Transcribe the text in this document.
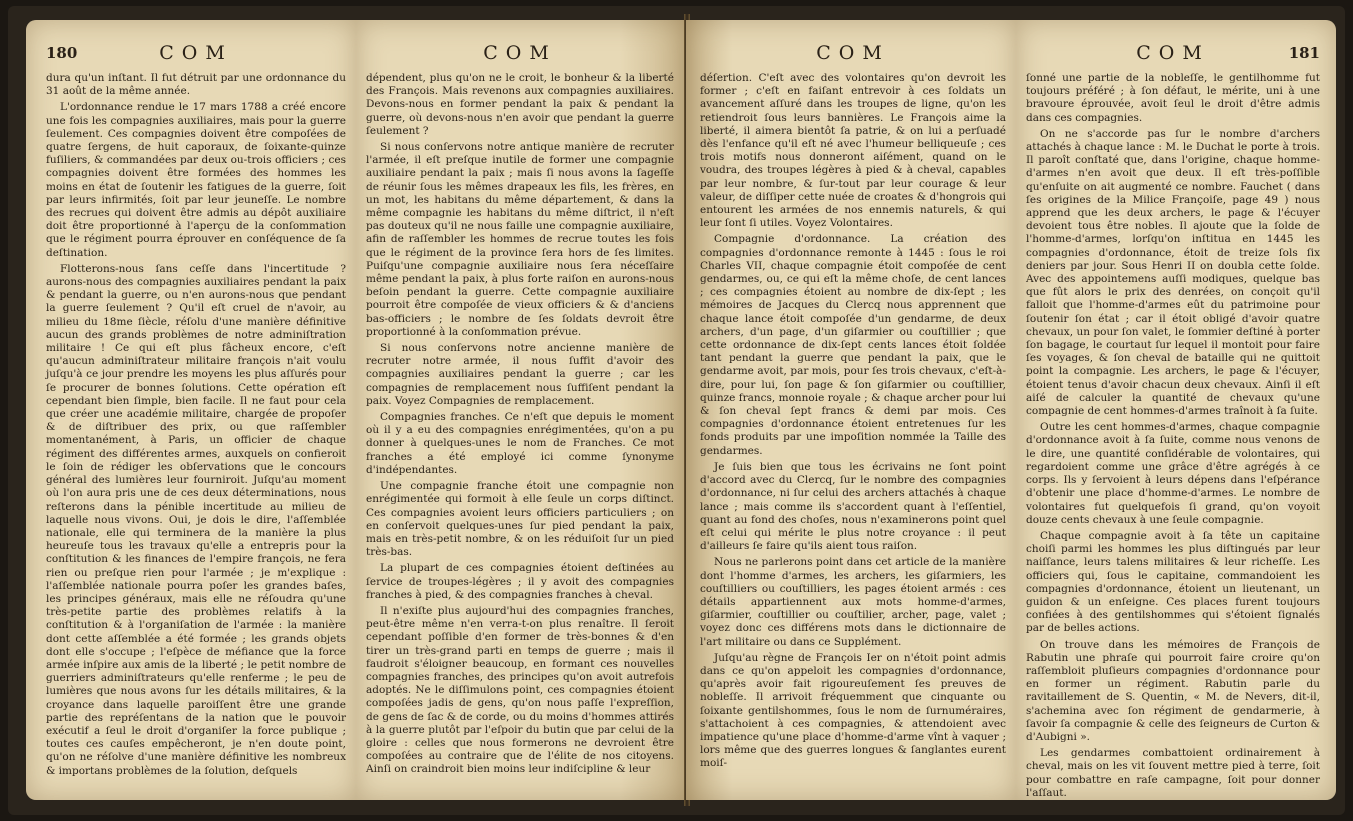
180	COM

dura qu'un inſtant. Il fut détruit par une ordonnance du 31 août de la même année.

L'ordonnance rendue le 17 mars 1788 a créé encore une fois les compagnies auxiliaires, mais pour la guerre ſeulement. Ces compagnies doivent être compoſées de quatre ſergens, de huit caporaux, de ſoixante-quinze fuſiliers, & commandées par deux ou-trois officiers ; ces compagnies doivent être formées des hommes les moins en état de ſoutenir les fatigues de la guerre, ſoit par leurs infirmités, ſoit par leur jeuneſſe. Le nombre des recrues qui doivent être admis au dépôt auxiliaire doit être proportionné à l'aperçu de la conſommation que le régiment pourra éprouver en conſéquence de ſa deſtination.

Flotterons-nous ſans ceſſe dans l'incertitude ? aurons-nous des compagnies auxiliaires pendant la paix & pendant la guerre, ou n'en aurons-nous que pendant la guerre ſeulement ? Qu'il eſt cruel de n'avoir, au milieu du 18me ſiècle, réſolu d'une manière définitive aucun des grands problèmes de notre adminiſtration militaire ! Ce qui eſt plus fâcheux encore, c'eſt qu'aucun adminiſtrateur militaire françois n'ait voulu juſqu'à ce jour prendre les moyens les plus aſſurés pour ſe procurer de bonnes ſolutions. Cette opération eſt cependant bien ſimple, bien facile. Il ne faut pour cela que créer une académie militaire, chargée de propoſer & de diſtribuer des prix, ou que raſſembler momentanément, à Paris, un officier de chaque régiment des différentes armes, auxquels on confieroit le ſoin de rédiger les obſervations que le concours général des lumières leur fourniroit. Juſqu'au moment où l'on aura pris une de ces deux déterminations, nous reſterons dans la pénible incertitude au milieu de laquelle nous vivons. Oui, je dois le dire, l'aſſemblée nationale, elle qui terminera de la manière la plus heureuſe tous les travaux qu'elle a entrepris pour la conſtitution & les finances de l'empire françois, ne fera rien ou preſque rien pour l'armée ; je m'explique : l'aſſemblée nationale pourra poſer les grandes baſes, les principes généraux, mais elle ne réſoudra qu'une très-petite partie des problèmes relatifs à la conſtitution & à l'organiſation de l'armée : la manière dont cette aſſemblée a été formée ; les grands objets dont elle s'occupe ; l'eſpèce de méfiance que la force armée inſpire aux amis de la liberté ; le petit nombre de guerriers adminiſtrateurs qu'elle renferme ; le peu de lumières que nous avons ſur les détails militaires, & la croyance dans laquelle paroiſſent être une grande partie des repréſentans de la nation que le pouvoir exécutif a ſeul le droit d'organiſer la force publique ; toutes ces cauſes empêcheront, je n'en doute point, qu'on ne réſolve d'une manière définitive les nombreux & importans problèmes de la ſolution, deſquels

COM

dépendent, plus qu'on ne le croit, le bonheur & la liberté des François. Mais revenons aux compagnies auxiliaires. Devons-nous en former pendant la paix & pendant la guerre, où devons-nous n'en avoir que pendant la guerre ſeulement ?

Si nous conſervons notre antique manière de recruter l'armée, il eſt preſque inutile de former une compagnie auxiliaire pendant la paix ; mais ſi nous avons la ſageſſe de réunir ſous les mêmes drapeaux les fils, les frères, en un mot, les habitans du même département, & dans la même compagnie les habitans du même diſtrict, il n'eſt pas douteux qu'il ne nous faille une compagnie auxiliaire, afin de raſſembler les hommes de recrue toutes les fois que le régiment de la province ſera hors de ſes limites. Puiſqu'une compagnie auxiliaire nous ſera néceſſaire même pendant la paix, à plus forte raiſon en aurons-nous beſoin pendant la guerre. Cette compagnie auxiliaire pourroit être compoſée de vieux officiers & & d'anciens bas-officiers ; le nombre de ſes ſoldats devroit être proportionné à la conſommation prévue.

Si nous conſervons notre ancienne manière de recruter notre armée, il nous ſuffit d'avoir des compagnies auxiliaires pendant la guerre ; car les compagnies de remplacement nous ſuffiſent pendant la paix. Voyez Compagnies de remplacement.

Compagnies franches. Ce n'eſt que depuis le moment où il y a eu des compagnies enrégimentées, qu'on a pu donner à quelques-unes le nom de Franches. Ce mot franches a été employé ici comme ſynonyme d'indépendantes.

Une compagnie franche étoit une compagnie non enrégimentée qui formoit à elle ſeule un corps diſtinct. Ces compagnies avoient leurs officiers particuliers ; on en conſervoit quelques-unes ſur pied pendant la paix, mais en très-petit nombre, & on les réduiſoit ſur un pied très-bas.

La plupart de ces compagnies étoient deſtinées au ſervice de troupes-légères ; il y avoit des compagnies franches à pied, & des compagnies franches à cheval.

Il n'exiſte plus aujourd'hui des compagnies franches, peut-être même n'en verra-t-on plus renaître. Il ſeroit cependant poſſible d'en former de très-bonnes & d'en tirer un très-grand parti en temps de guerre ; mais il faudroit s'éloigner beaucoup, en formant ces nouvelles compagnies franches, des principes qu'on avoit autrefois adoptés. Ne le diſſimulons point, ces compagnies étoient compoſées jadis de gens, qu'on nous paſſe l'expreſſion, de gens de ſac & de corde, ou du moins d'hommes attirés à la guerre plutôt par l'eſpoir du butin que par celui de la gloire : celles que nous formerons ne devroient être compoſées au contraire que de l'élite de nos citoyens. Ainſi on craindroit bien moins leur indiſcipline & leur

COM

déſertion. C'eſt avec des volontaires qu'on devroit les former ; c'eſt en faiſant entrevoir à ces ſoldats un avancement aſſuré dans les troupes de ligne, qu'on les retiendroit ſous leurs bannières. Le François aime la liberté, il aimera bientôt ſa patrie, & on lui a perſuadé dès l'enfance qu'il eſt né avec l'humeur belliqueuſe ; ces trois motifs nous donneront aiſément, quand on le voudra, des troupes légères à pied & à cheval, capables par leur nombre, & ſur-tout par leur courage & leur valeur, de diſſiper cette nuée de croates & d'hongrois qui entourent les armées de nos ennemis naturels, & qui leur ſont ſi utiles. Voyez Volontaires.

Compagnie d'ordonnance. La création des compagnies d'ordonnance remonte à 1445 : ſous le roi Charles VII, chaque compagnie étoit compoſée de cent gendarmes, ou, ce qui eſt la même choſe, de cent lances ; ces compagnies étoient au nombre de dix-ſept ; les mémoires de Jacques du Clercq nous apprennent que chaque lance étoit compoſée d'un gendarme, de deux archers, d'un page, d'un giſarmier ou couſtillier ; que cette ordonnance de dix-ſept cents lances étoit ſoldée tant pendant la guerre que pendant la paix, que le gendarme avoit, par mois, pour ſes trois chevaux, c'eſt-à-dire, pour lui, ſon page & ſon giſarmier ou couſtillier, quinze francs, monnoie royale ; & chaque archer pour lui & ſon cheval ſept francs & demi par mois. Ces compagnies d'ordonnance étoient entretenues ſur les fonds produits par une impoſition nommée la Taille des gendarmes.

Je ſuis bien que tous les écrivains ne ſont point d'accord avec du Clercq, ſur le nombre des compagnies d'ordonnance, ni ſur celui des archers attachés à chaque lance ; mais comme ils s'accordent quant à l'eſſentiel, quant au fond des choſes, nous n'examinerons point quel eſt celui qui mérite le plus notre croyance : il peut d'ailleurs ſe faire qu'ils aient tous raiſon.

Nous ne parlerons point dans cet article de la manière dont l'homme d'armes, les archers, les giſarmiers, les couſtilliers ou couſtilliers, les pages étoient armés : ces détails appartiennent aux mots homme-d'armes, giſarmier, couſtillier ou couſtilier, archer, page, valet ; voyez donc ces différens mots dans le dictionnaire de l'art militaire ou dans ce Supplément.

Juſqu'au règne de François Ier on n'étoit point admis dans ce qu'on appeloit les compagnies d'ordonnance, qu'après avoir fait rigoureuſement ſes preuves de nobleſſe. Il arrivoit fréquemment que cinquante ou ſoixante gentilshommes, ſous le nom de ſurnuméraires, s'attachoient à ces compagnies, & attendoient avec impatience qu'une place d'homme-d'arme vînt à vaquer ; lors même que des guerres longues & ſanglantes eurent moiſ-

COM	181

ſonné une partie de la nobleſſe, le gentilhomme fut toujours préféré ; à ſon défaut, le mérite, uni à une bravoure éprouvée, avoit ſeul le droit d'être admis dans ces compagnies.

On ne s'accorde pas ſur le nombre d'archers attachés à chaque lance : M. le Duchat le porte à trois. Il paroît conſtaté que, dans l'origine, chaque homme-d'armes n'en avoit que deux. Il eſt très-poſſible qu'enſuite on ait augmenté ce nombre. Fauchet ( dans ſes origines de la Milice Françoiſe, page 49 ) nous apprend que les deux archers, le page & l'écuyer devoient tous être nobles. Il ajoute que la ſolde de l'homme-d'armes, lorſqu'on inſtitua en 1445 les compagnies d'ordonnance, étoit de treize ſols ſix deniers par jour. Sous Henri II on doubla cette ſolde. Avec des appointemens auſſi modiques, quelque bas que fût alors le prix des denrées, on conçoit qu'il falloit que l'homme-d'armes eût du patrimoine pour ſoutenir ſon état ; car il étoit obligé d'avoir quatre chevaux, un pour ſon valet, le ſommier deſtiné à porter ſon bagage, le courtaut ſur lequel il montoit pour faire ſes voyages, & ſon cheval de bataille qui ne quittoit point la compagnie. Les archers, le page & l'écuyer, étoient tenus d'avoir chacun deux chevaux. Ainſi il eſt aiſé de calculer la quantité de chevaux qu'une compagnie de cent hommes-d'armes traînoit à ſa ſuite.

Outre les cent hommes-d'armes, chaque compagnie d'ordonnance avoit à ſa ſuite, comme nous venons de le dire, une quantité conſidérable de volontaires, qui regardoient comme une grâce d'être agrégés à ce corps. Ils y ſervoient à leurs dépens dans l'eſpérance d'obtenir une place d'homme-d'armes. Le nombre de volontaires fut quelquefois ſi grand, qu'on voyoit douze cents chevaux à une ſeule compagnie.

Chaque compagnie avoit à ſa tête un capitaine choiſi parmi les hommes les plus diſtingués par leur naiſſance, leurs talens militaires & leur richeſſe. Les officiers qui, ſous le capitaine, commandoient les compagnies d'ordonnance, étoient un lieutenant, un guidon & un enſeigne. Ces places furent toujours confiées à des gentilshommes qui s'étoient ſignalés par de belles actions.

On trouve dans les mémoires de François de Rabutin une phraſe qui pourroit faire croire qu'on raſſembloit pluſieurs compagnies d'ordonnance pour en former un régiment. Rabutin parle du ravitaillement de S. Quentin, « M. de Nevers, dit-il, s'achemina avec ſon régiment de gendarmerie, à ſavoir ſa compagnie & celle des ſeigneurs de Curton & d'Aubigni ».

Les gendarmes combattoient ordinairement à cheval, mais on les vit ſouvent mettre pied à terre, ſoit pour combattre en raſe campagne, ſoit pour donner l'aſſaut.
